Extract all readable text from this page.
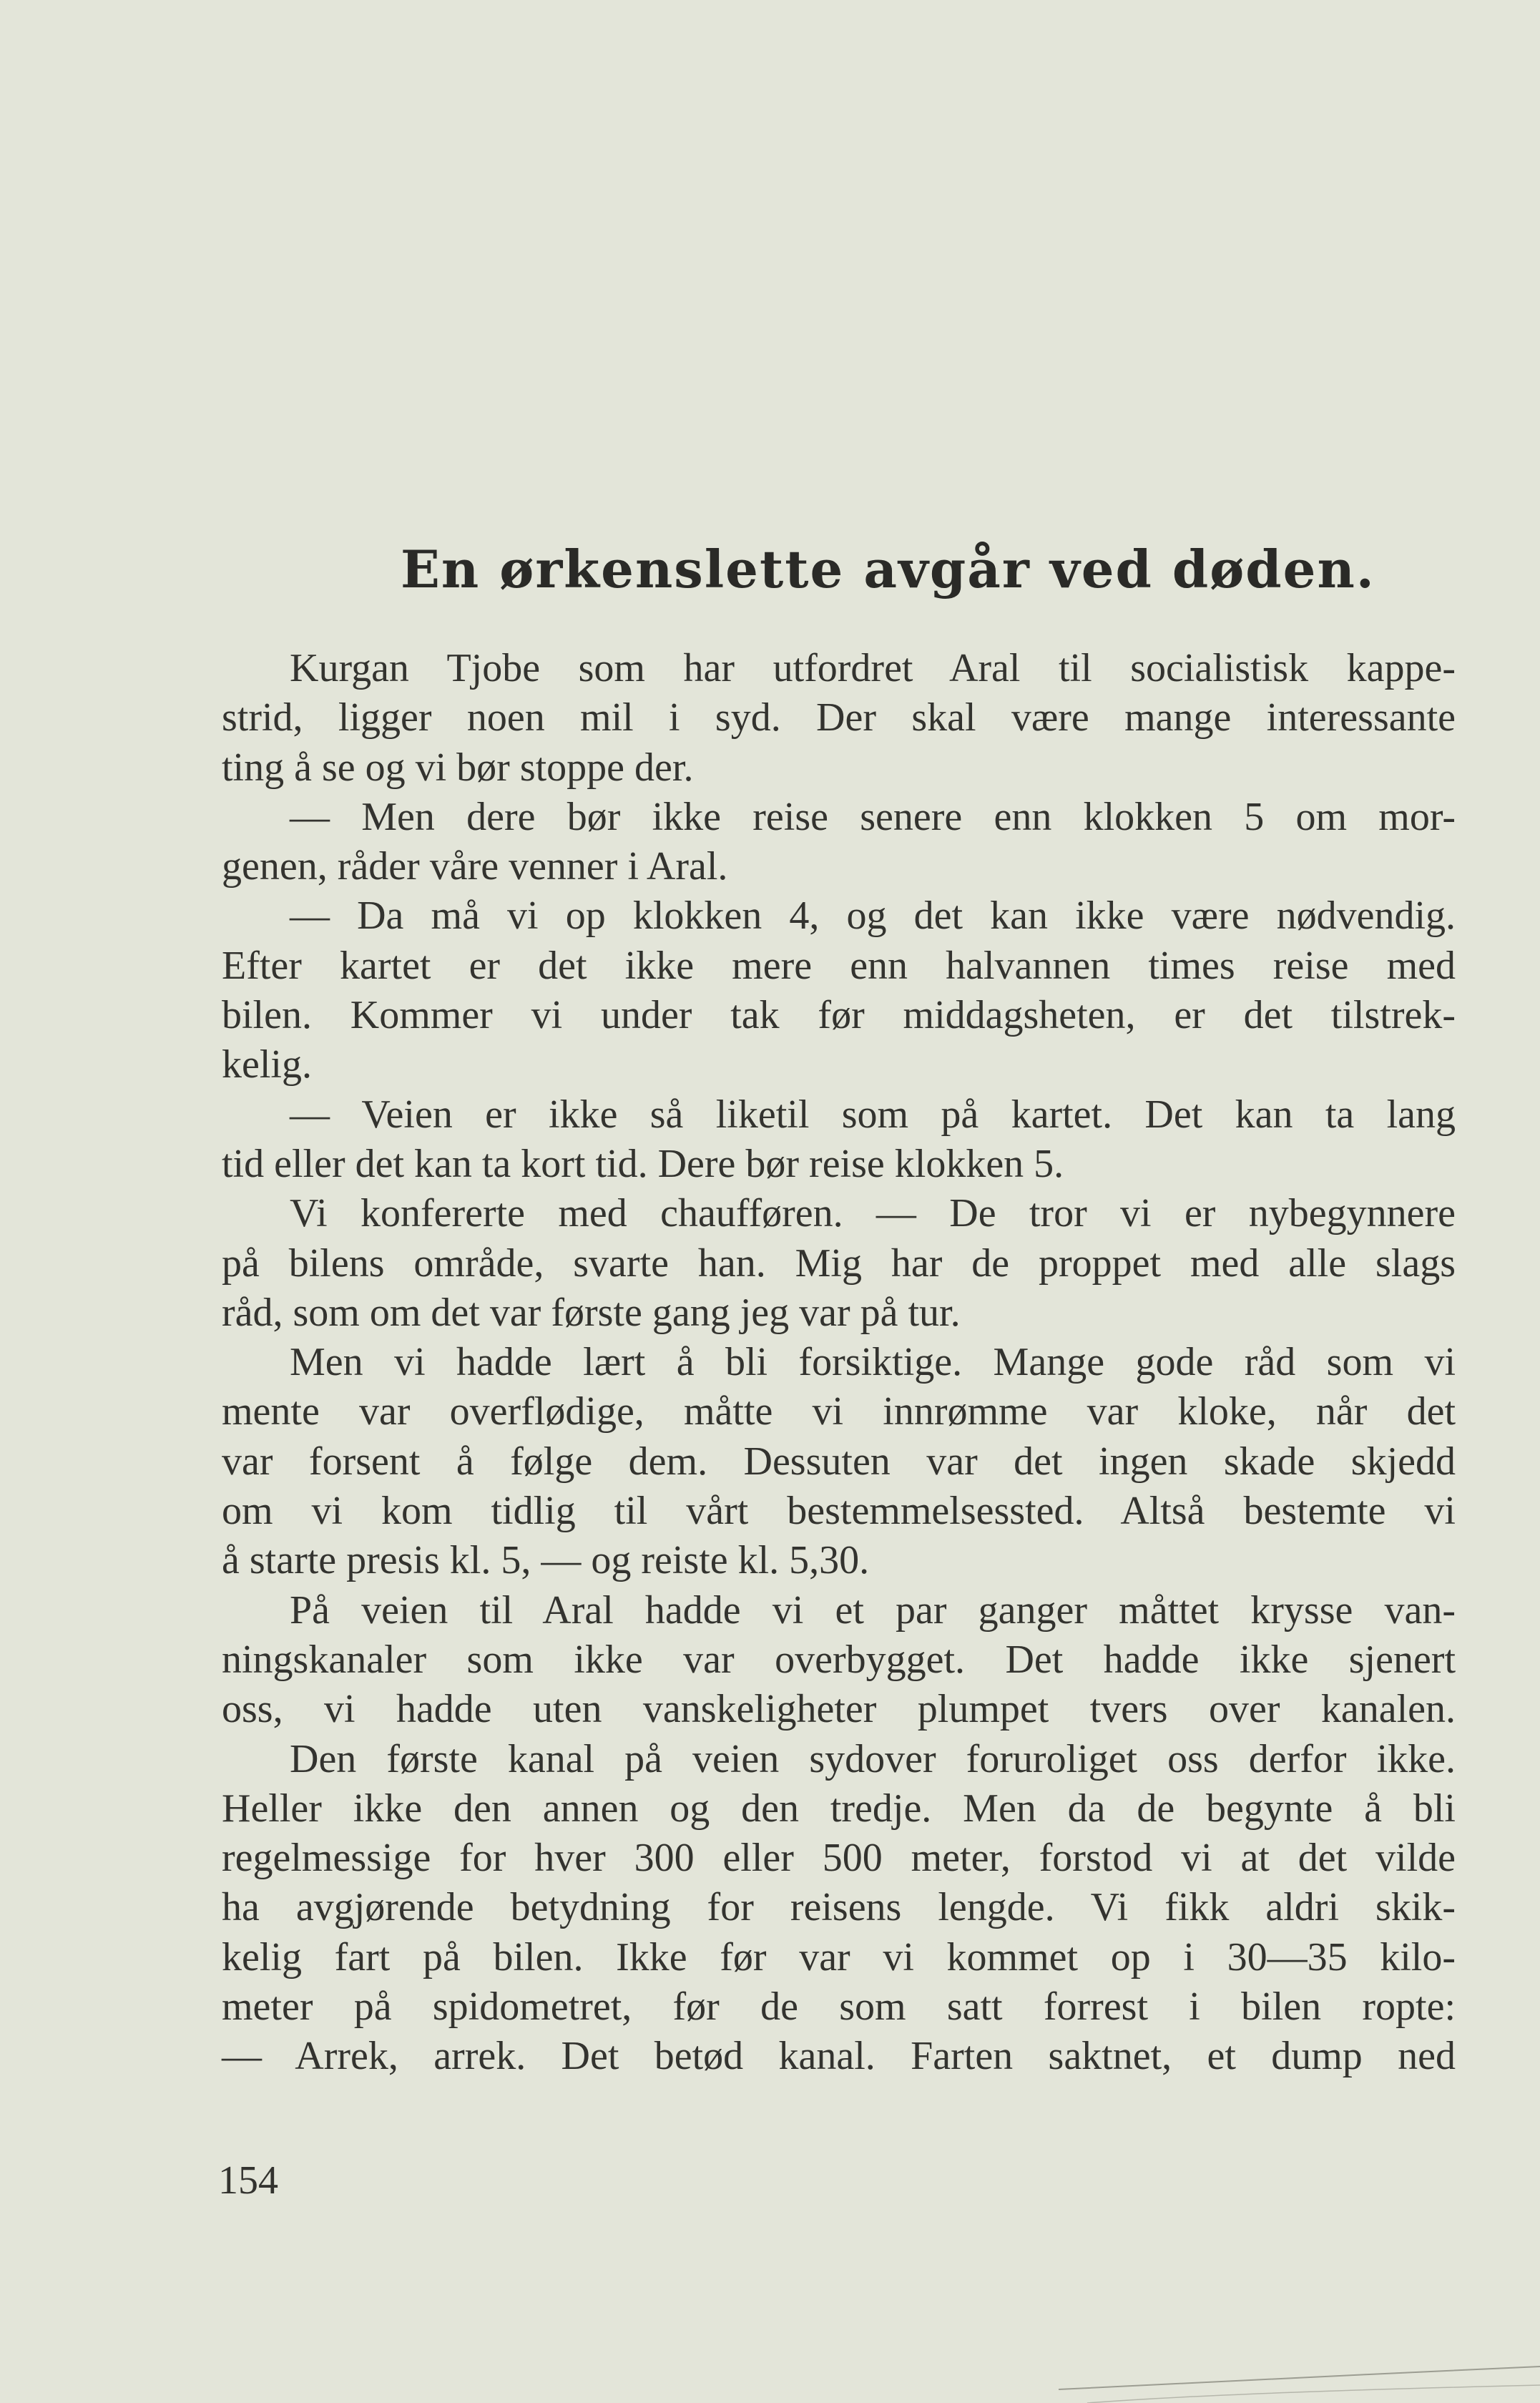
En ørkenslette avgår ved døden.
Kurgan Tjobe som har utfordret Aral til socialistisk kappe-
strid, ligger noen mil i syd. Der skal være mange interessante
ting å se og vi bør stoppe der.
— Men dere bør ikke reise senere enn klokken 5 om mor-
genen, råder våre venner i Aral.
— Da må vi op klokken 4, og det kan ikke være nødvendig.
Efter kartet er det ikke mere enn halvannen times reise med
bilen. Kommer vi under tak før middagsheten, er det tilstrek-
kelig.
— Veien er ikke så liketil som på kartet. Det kan ta lang
tid eller det kan ta kort tid. Dere bør reise klokken 5.
Vi konfererte med chaufføren. — De tror vi er nybegynnere
på bilens område, svarte han. Mig har de proppet med alle slags
råd, som om det var første gang jeg var på tur.
Men vi hadde lært å bli forsiktige. Mange gode råd som vi
mente var overflødige, måtte vi innrømme var kloke, når det
var forsent å følge dem. Dessuten var det ingen skade skjedd
om vi kom tidlig til vårt bestemmelsessted. Altså bestemte vi
å starte presis kl. 5, — og reiste kl. 5,30.
På veien til Aral hadde vi et par ganger måttet krysse van-
ningskanaler som ikke var overbygget. Det hadde ikke sjenert
oss, vi hadde uten vanskeligheter plumpet tvers over kanalen.
Den første kanal på veien sydover foruroliget oss derfor ikke.
Heller ikke den annen og den tredje. Men da de begynte å bli
regelmessige for hver 300 eller 500 meter, forstod vi at det vilde
ha avgjørende betydning for reisens lengde. Vi fikk aldri skik-
kelig fart på bilen. Ikke før var vi kommet op i 30—35 kilo-
meter på spidometret, før de som satt forrest i bilen ropte:
— Arrek, arrek. Det betød kanal. Farten saktnet, et dump ned
154
